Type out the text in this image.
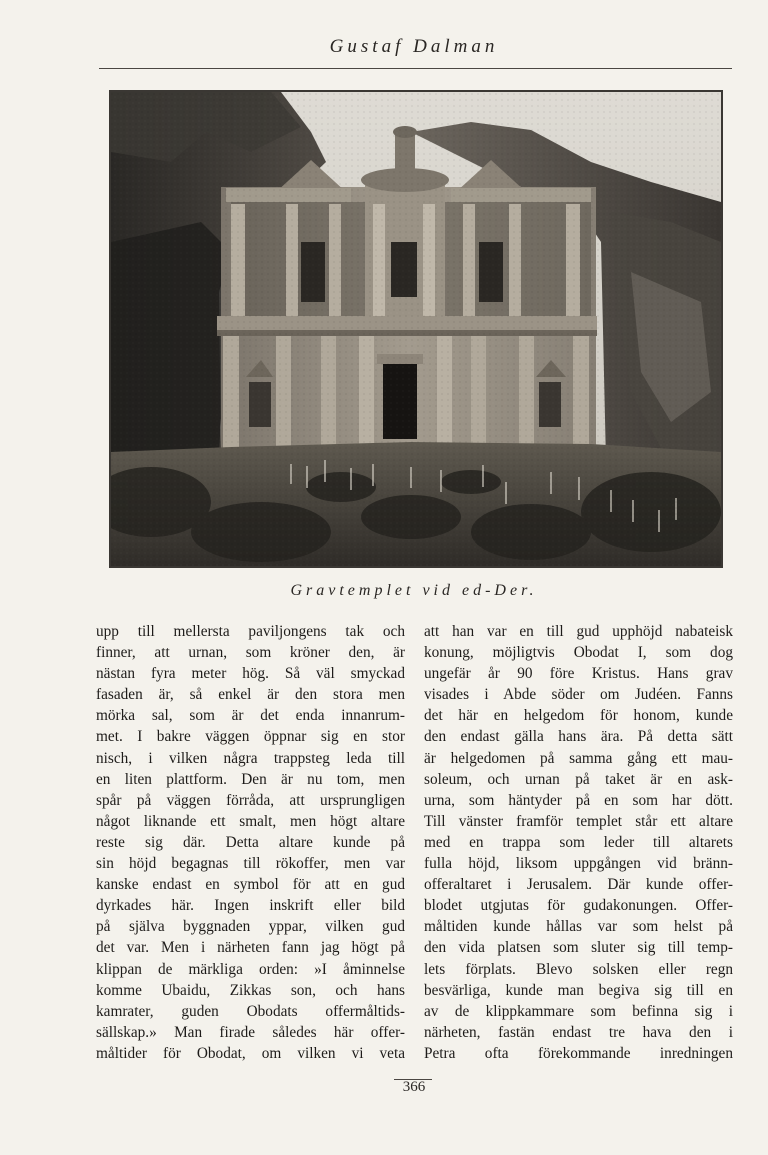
Gustaf Dalman
Gravtemplet vid ed-Der.
upp till mellersta paviljongens tak och
finner, att urnan, som kröner den, är
nästan fyra meter hög. Så väl smyckad
fasaden är, så enkel är den stora men
mörka sal, som är det enda innanrum-
met. I bakre väggen öppnar sig en stor
nisch, i vilken några trappsteg leda till
en liten plattform. Den är nu tom, men
spår på väggen förråda, att ursprungligen
något liknande ett smalt, men högt altare
reste sig där. Detta altare kunde på
sin höjd begagnas till rökoffer, men var
kanske endast en symbol för att en gud
dyrkades här. Ingen inskrift eller bild
på själva byggnaden yppar, vilken gud
det var. Men i närheten fann jag högt på
klippan de märkliga orden: »I åminnelse
komme Ubaidu, Zikkas son, och hans
kamrater, guden Obodats offermåltids-
sällskap.» Man firade således här offer-
måltider för Obodat, om vilken vi veta
att han var en till gud upphöjd nabateisk
konung, möjligtvis Obodat I, som dog
ungefär år 90 före Kristus. Hans grav
visades i Abde söder om Judéen. Fanns
det här en helgedom för honom, kunde
den endast gälla hans ära. På detta sätt
är helgedomen på samma gång ett mau-
soleum, och urnan på taket är en ask-
urna, som häntyder på en som har dött.
Till vänster framför templet står ett altare
med en trappa som leder till altarets
fulla höjd, liksom uppgången vid bränn-
offeraltaret i Jerusalem. Där kunde offer-
blodet utgjutas för gudakonungen. Offer-
måltiden kunde hållas var som helst på
den vida platsen som sluter sig till temp-
lets förplats. Blevo solsken eller regn
besvärliga, kunde man begiva sig till en
av de klippkammare som befinna sig i
närheten, fastän endast tre hava den i
Petra ofta förekommande inredningen
366
